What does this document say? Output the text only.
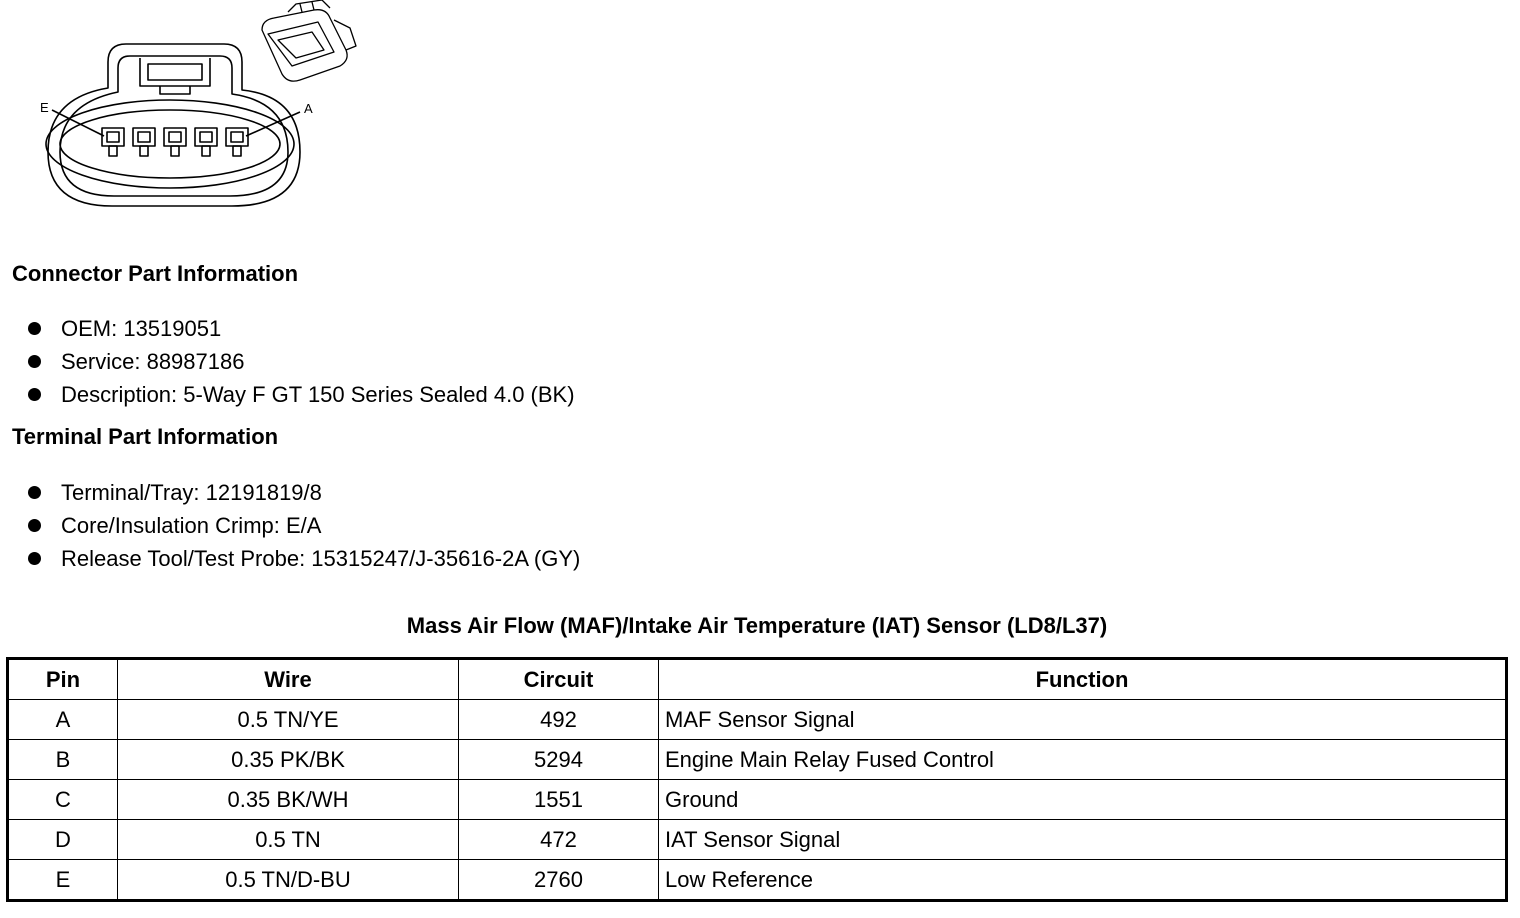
E	A
Connector Part Information
OEM: 13519051
Service: 88987186
Description: 5-Way F GT 150 Series Sealed 4.0 (BK)
Terminal Part Information
Terminal/Tray: 12191819/8
Core/Insulation Crimp: E/A
Release Tool/Test Probe: 15315247/J-35616-2A (GY)
Mass Air Flow (MAF)/Intake Air Temperature (IAT) Sensor (LD8/L37)
Pin	Wire	Circuit	Function
A	0.5 TN/YE	492	MAF Sensor Signal
B	0.35 PK/BK	5294	Engine Main Relay Fused Control
C	0.35 BK/WH	1551	Ground
D	0.5 TN	472	IAT Sensor Signal
E	0.5 TN/D-BU	2760	Low Reference
